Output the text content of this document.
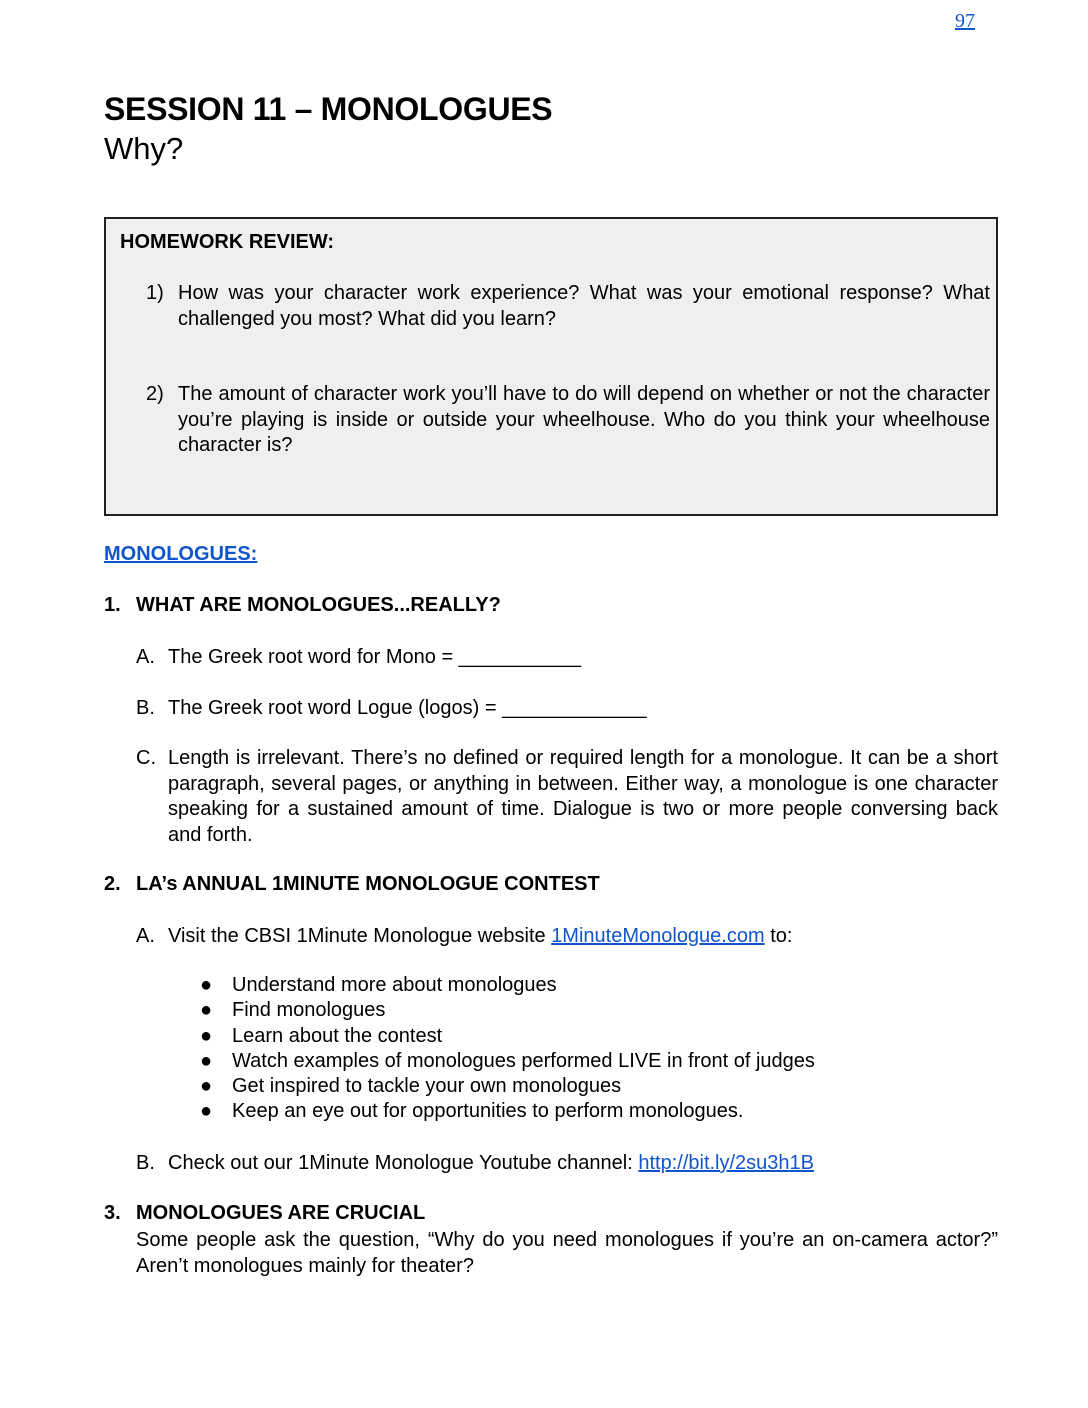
97
SESSION 11 – MONOLOGUES
Why?
HOMEWORK REVIEW:
1) How was your character work experience? What was your emotional response? What challenged you most? What did you learn?
2) The amount of character work you’ll have to do will depend on whether or not the character you’re playing is inside or outside your wheelhouse. Who do you think your wheelhouse character is?
MONOLOGUES:
1. WHAT ARE MONOLOGUES...REALLY?
A. The Greek root word for Mono = ___________
B. The Greek root word Logue (logos) = _____________
C. Length is irrelevant. There’s no defined or required length for a monologue. It can be a short paragraph, several pages, or anything in between. Either way, a monologue is one character speaking for a sustained amount of time. Dialogue is two or more people conversing back and forth.
2. LA’s ANNUAL 1MINUTE MONOLOGUE CONTEST
A. Visit the CBSI 1Minute Monologue website 1MinuteMonologue.com to:
● Understand more about monologues
● Find monologues
● Learn about the contest
● Watch examples of monologues performed LIVE in front of judges
● Get inspired to tackle your own monologues
● Keep an eye out for opportunities to perform monologues.
B. Check out our 1Minute Monologue Youtube channel: http://bit.ly/2su3h1B
3. MONOLOGUES ARE CRUCIAL
Some people ask the question, “Why do you need monologues if you’re an on-camera actor?” Aren’t monologues mainly for theater?
